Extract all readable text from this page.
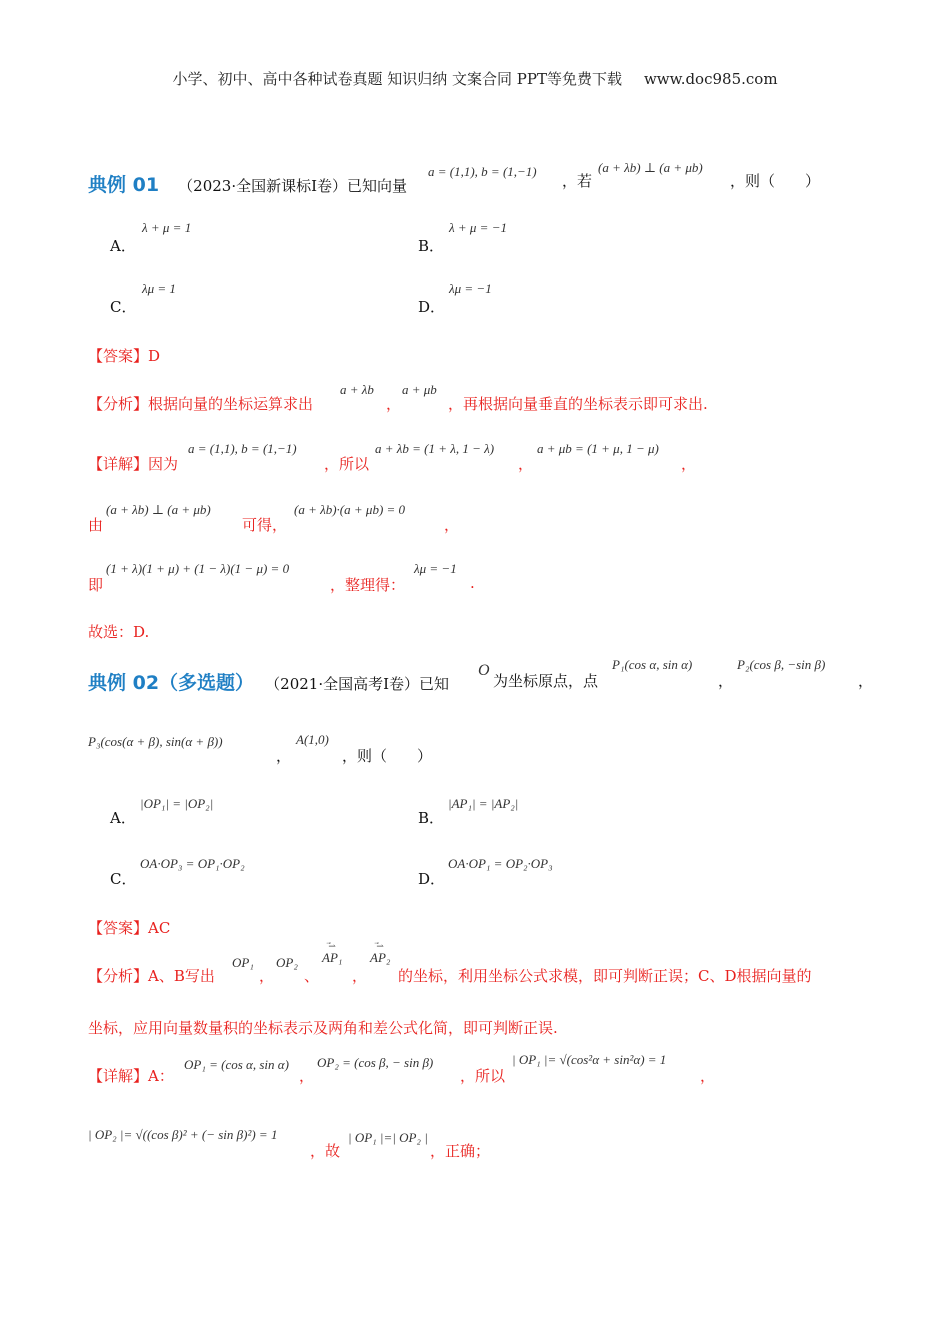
小学、初中、高中各种试卷真题 知识归纳 文案合同 PPT等免费下载 www.doc985.com
典例 01 （2023·全国新课标Ⅰ卷）已知向量
a = (1,1), b = (1,−1)
，若
(a + λb) ⊥ (a + μb)
，则（　　）
A．
λ + μ = 1
B．
λ + μ = −1
C．
λμ = 1
D．
λμ = −1
【答案】D
【分析】根据向量的坐标运算求出
a + λb
，
a + μb
，再根据向量垂直的坐标表示即可求出.
【详解】因为
a = (1,1), b = (1,−1)
，所以
a + λb = (1 + λ, 1 − λ)
，
a + μb = (1 + μ, 1 − μ)
，
由
(a + λb) ⊥ (a + μb)
可得，
(a + λb)·(a + μb) = 0
，
即
(1 + λ)(1 + μ) + (1 − λ)(1 − μ) = 0
，整理得：
λμ = −1
.
故选：D.
典例 02（多选题） （2021·全国高考Ⅰ卷）已知
O
为坐标原点，点
P₁(cos α, sin α)
，
P₂(cos β, −sin β)
，
P₃(cos(α + β), sin(α + β))
，
A(1,0)
，则（　　）
A．
|OP₁| = |OP₂|
B．
|AP₁| = |AP₂|
C．
OA·OP₃ = OP₁·OP₂
D．
OA·OP₁ = OP₂·OP₃
【答案】AC
【分析】A、B写出
OP₁
，
OP₂
、
⃗⇀
AP₁
，
⃗⇀
AP₂
的坐标，利用坐标公式求模，即可判断正误；C、D根据向量的
坐标，应用向量数量积的坐标表示及两角和差公式化简，即可判断正误.
【详解】A：
OP₁ = (cos α, sin α)
，
OP₂ = (cos β, − sin β)
，所以
| OP₁ |= √(cos²α + sin²α) = 1
，
| OP₂ |= √((cos β)² + (− sin β)²) = 1
，故
| OP₁ |=| OP₂ |
，正确；
